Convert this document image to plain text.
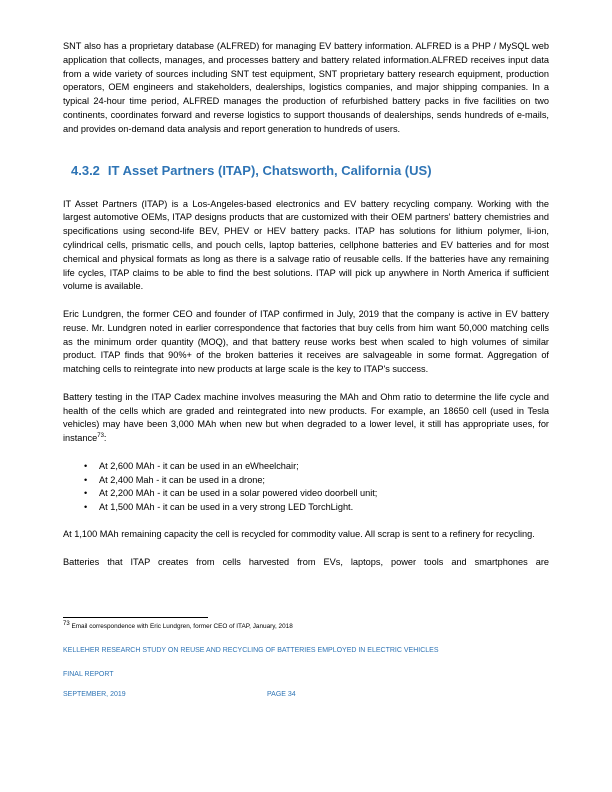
SNT also has a proprietary database (ALFRED) for managing EV battery information. ALFRED is a PHP / MySQL web application that collects, manages, and processes battery and battery related information.ALFRED receives input data from a wide variety of sources including SNT test equipment, SNT proprietary battery research equipment, production operators, OEM engineers and stakeholders, dealerships, logistics companies, and major shipping companies. In a typical 24-hour time period, ALFRED manages the production of refurbished battery packs in five facilities on two continents, coordinates forward and reverse logistics to support thousands of dealerships, sends hundreds of e-mails, and provides on-demand data analysis and report generation to hundreds of users.

4.3.2 IT Asset Partners (ITAP), Chatsworth, California (US)

IT Asset Partners (ITAP) is a Los-Angeles-based electronics and EV battery recycling company. Working with the largest automotive OEMs, ITAP designs products that are customized with their OEM partners' battery chemistries and specifications using second-life BEV, PHEV or HEV battery packs. ITAP has solutions for lithium polymer, li-ion, cylindrical cells, prismatic cells, and pouch cells, laptop batteries, cellphone batteries and EV batteries and for most chemical and physical formats as long as there is a salvage ratio of reusable cells. If the batteries have any remaining life cycles, ITAP claims to be able to find the best solutions. ITAP will pick up anywhere in North America if sufficient volume is available.

Eric Lundgren, the former CEO and founder of ITAP confirmed in July, 2019 that the company is active in EV battery reuse. Mr. Lundgren noted in earlier correspondence that factories that buy cells from him want 50,000 matching cells as the minimum order quantity (MOQ), and that battery reuse works best when scaled to high volumes of similar product. ITAP finds that 90%+ of the broken batteries it receives are salvageable in some format. Aggregation of matching cells to reintegrate into new products at large scale is the key to ITAP's success.

Battery testing in the ITAP Cadex machine involves measuring the MAh and Ohm ratio to determine the life cycle and health of the cells which are graded and reintegrated into new products. For example, an 18650 cell (used in Tesla vehicles) may have been 3,000 MAh when new but when degraded to a lower level, it still has appropriate uses, for instance$^{73}$:

• At 2,600 MAh - it can be used in an eWheelchair;
• At 2,400 Mah - it can be used in a drone;
• At 2,200 MAh - it can be used in a solar powered video doorbell unit;
• At 1,500 MAh - it can be used in a very strong LED TorchLight.

At 1,100 MAh remaining capacity the cell is recycled for commodity value. All scrap is sent to a refinery for recycling.

Batteries that ITAP creates from cells harvested from EVs, laptops, power tools and smartphones are

$^{73}$ Email correspondence with Eric Lundgren, former CEO of ITAP, January, 2018
KELLEHER RESEARCH STUDY ON REUSE AND RECYCLING OF BATTERIES EMPLOYED IN ELECTRIC VEHICLES
FINAL REPORT
SEPTEMBER, 2019	PAGE 34
